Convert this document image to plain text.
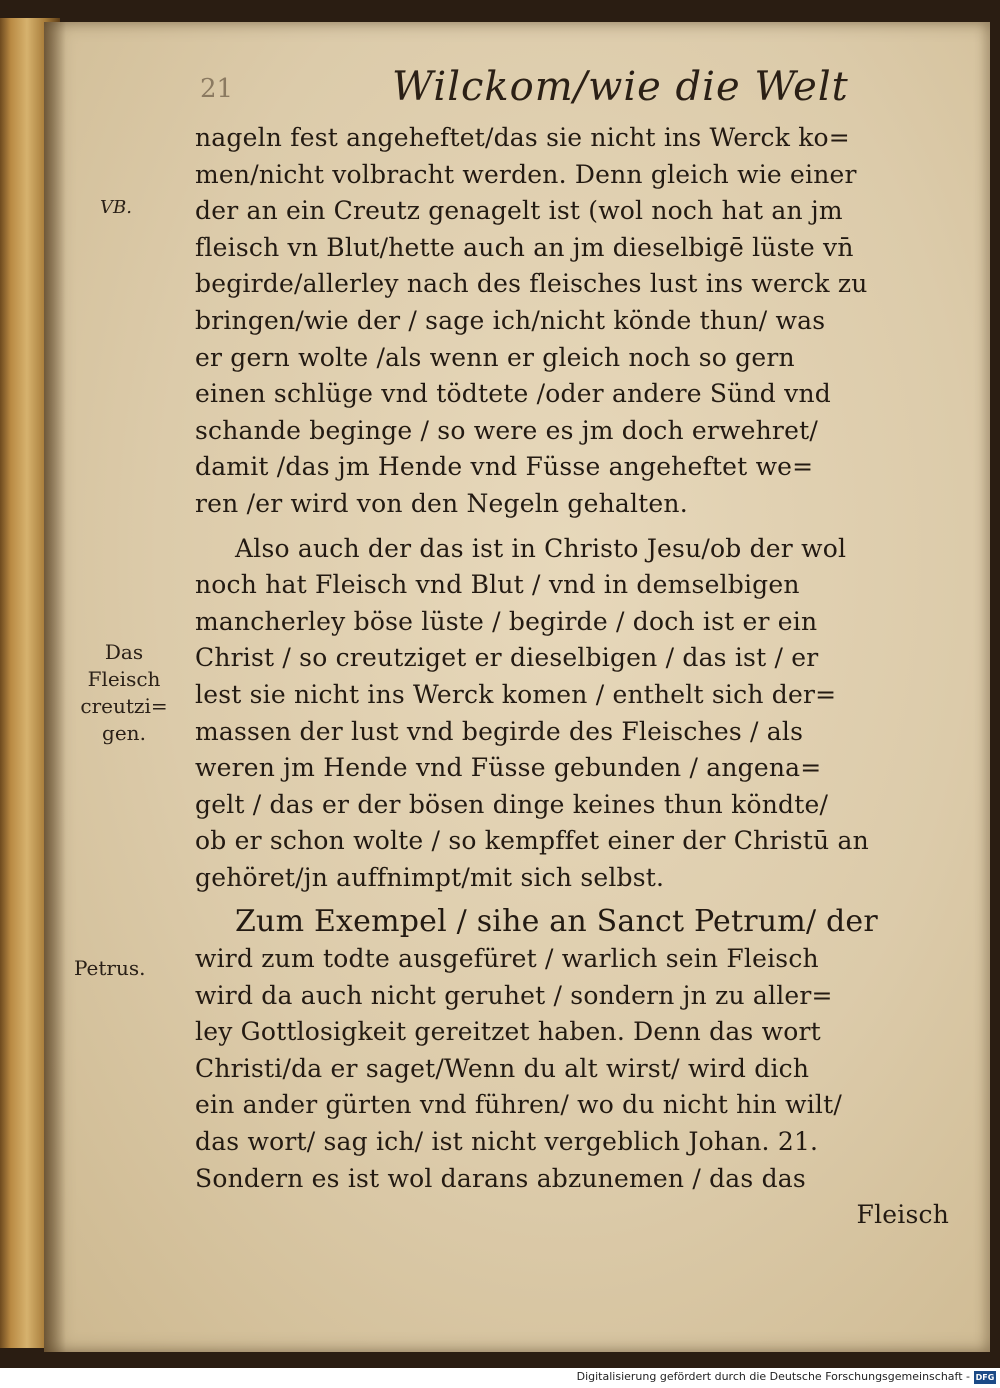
21	Wilckom/wie die Welt
VB.
Das
Fleisch
creutzi=
gen.
Petrus.
nageln fest angeheftet/das sie nicht ins Werck ko=
men/nicht volbracht werden. Denn gleich wie einer
der an ein Creutz genagelt ist (wol noch hat an jm
fleisch vn Blut/hette auch an jm dieselbigē lüste vn̄
begirde/allerley nach des fleisches lust ins werck zu
bringen/wie der / sage ich/nicht könde thun/ was
er gern wolte /als wenn er gleich noch so gern
einen schlüge vnd tödtete /oder andere Sünd vnd
schande beginge / so were es jm doch erwehret/
damit /das jm Hende vnd Füsse angeheftet we=
ren /er wird von den Negeln gehalten.
Also auch der das ist in Christo Jesu/ob der wol
noch hat Fleisch vnd Blut / vnd in demselbigen
mancherley böse lüste / begirde / doch ist er ein
Christ / so creutziget er dieselbigen / das ist / er
lest sie nicht ins Werck komen / enthelt sich der=
massen der lust vnd begirde des Fleisches / als
weren jm Hende vnd Füsse gebunden / angena=
gelt / das er der bösen dinge keines thun köndte/
ob er schon wolte / so kempffet einer der Christū an
gehöret/jn auffnimpt/mit sich selbst.
Zum Exempel / sihe an Sanct Petrum/ der
wird zum todte ausgefüret / warlich sein Fleisch
wird da auch nicht geruhet / sondern jn zu aller=
ley Gottlosigkeit gereitzet haben. Denn das wort
Christi/da er saget/Wenn du alt wirst/ wird dich
ein ander gürten vnd führen/ wo du nicht hin wilt/
das wort/ sag ich/ ist nicht vergeblich Johan. 21.
Sondern es ist wol darans abzunemen / das das
Fleisch
Digitalisierung gefördert durch die Deutsche Forschungsgemeinschaft - DFG
